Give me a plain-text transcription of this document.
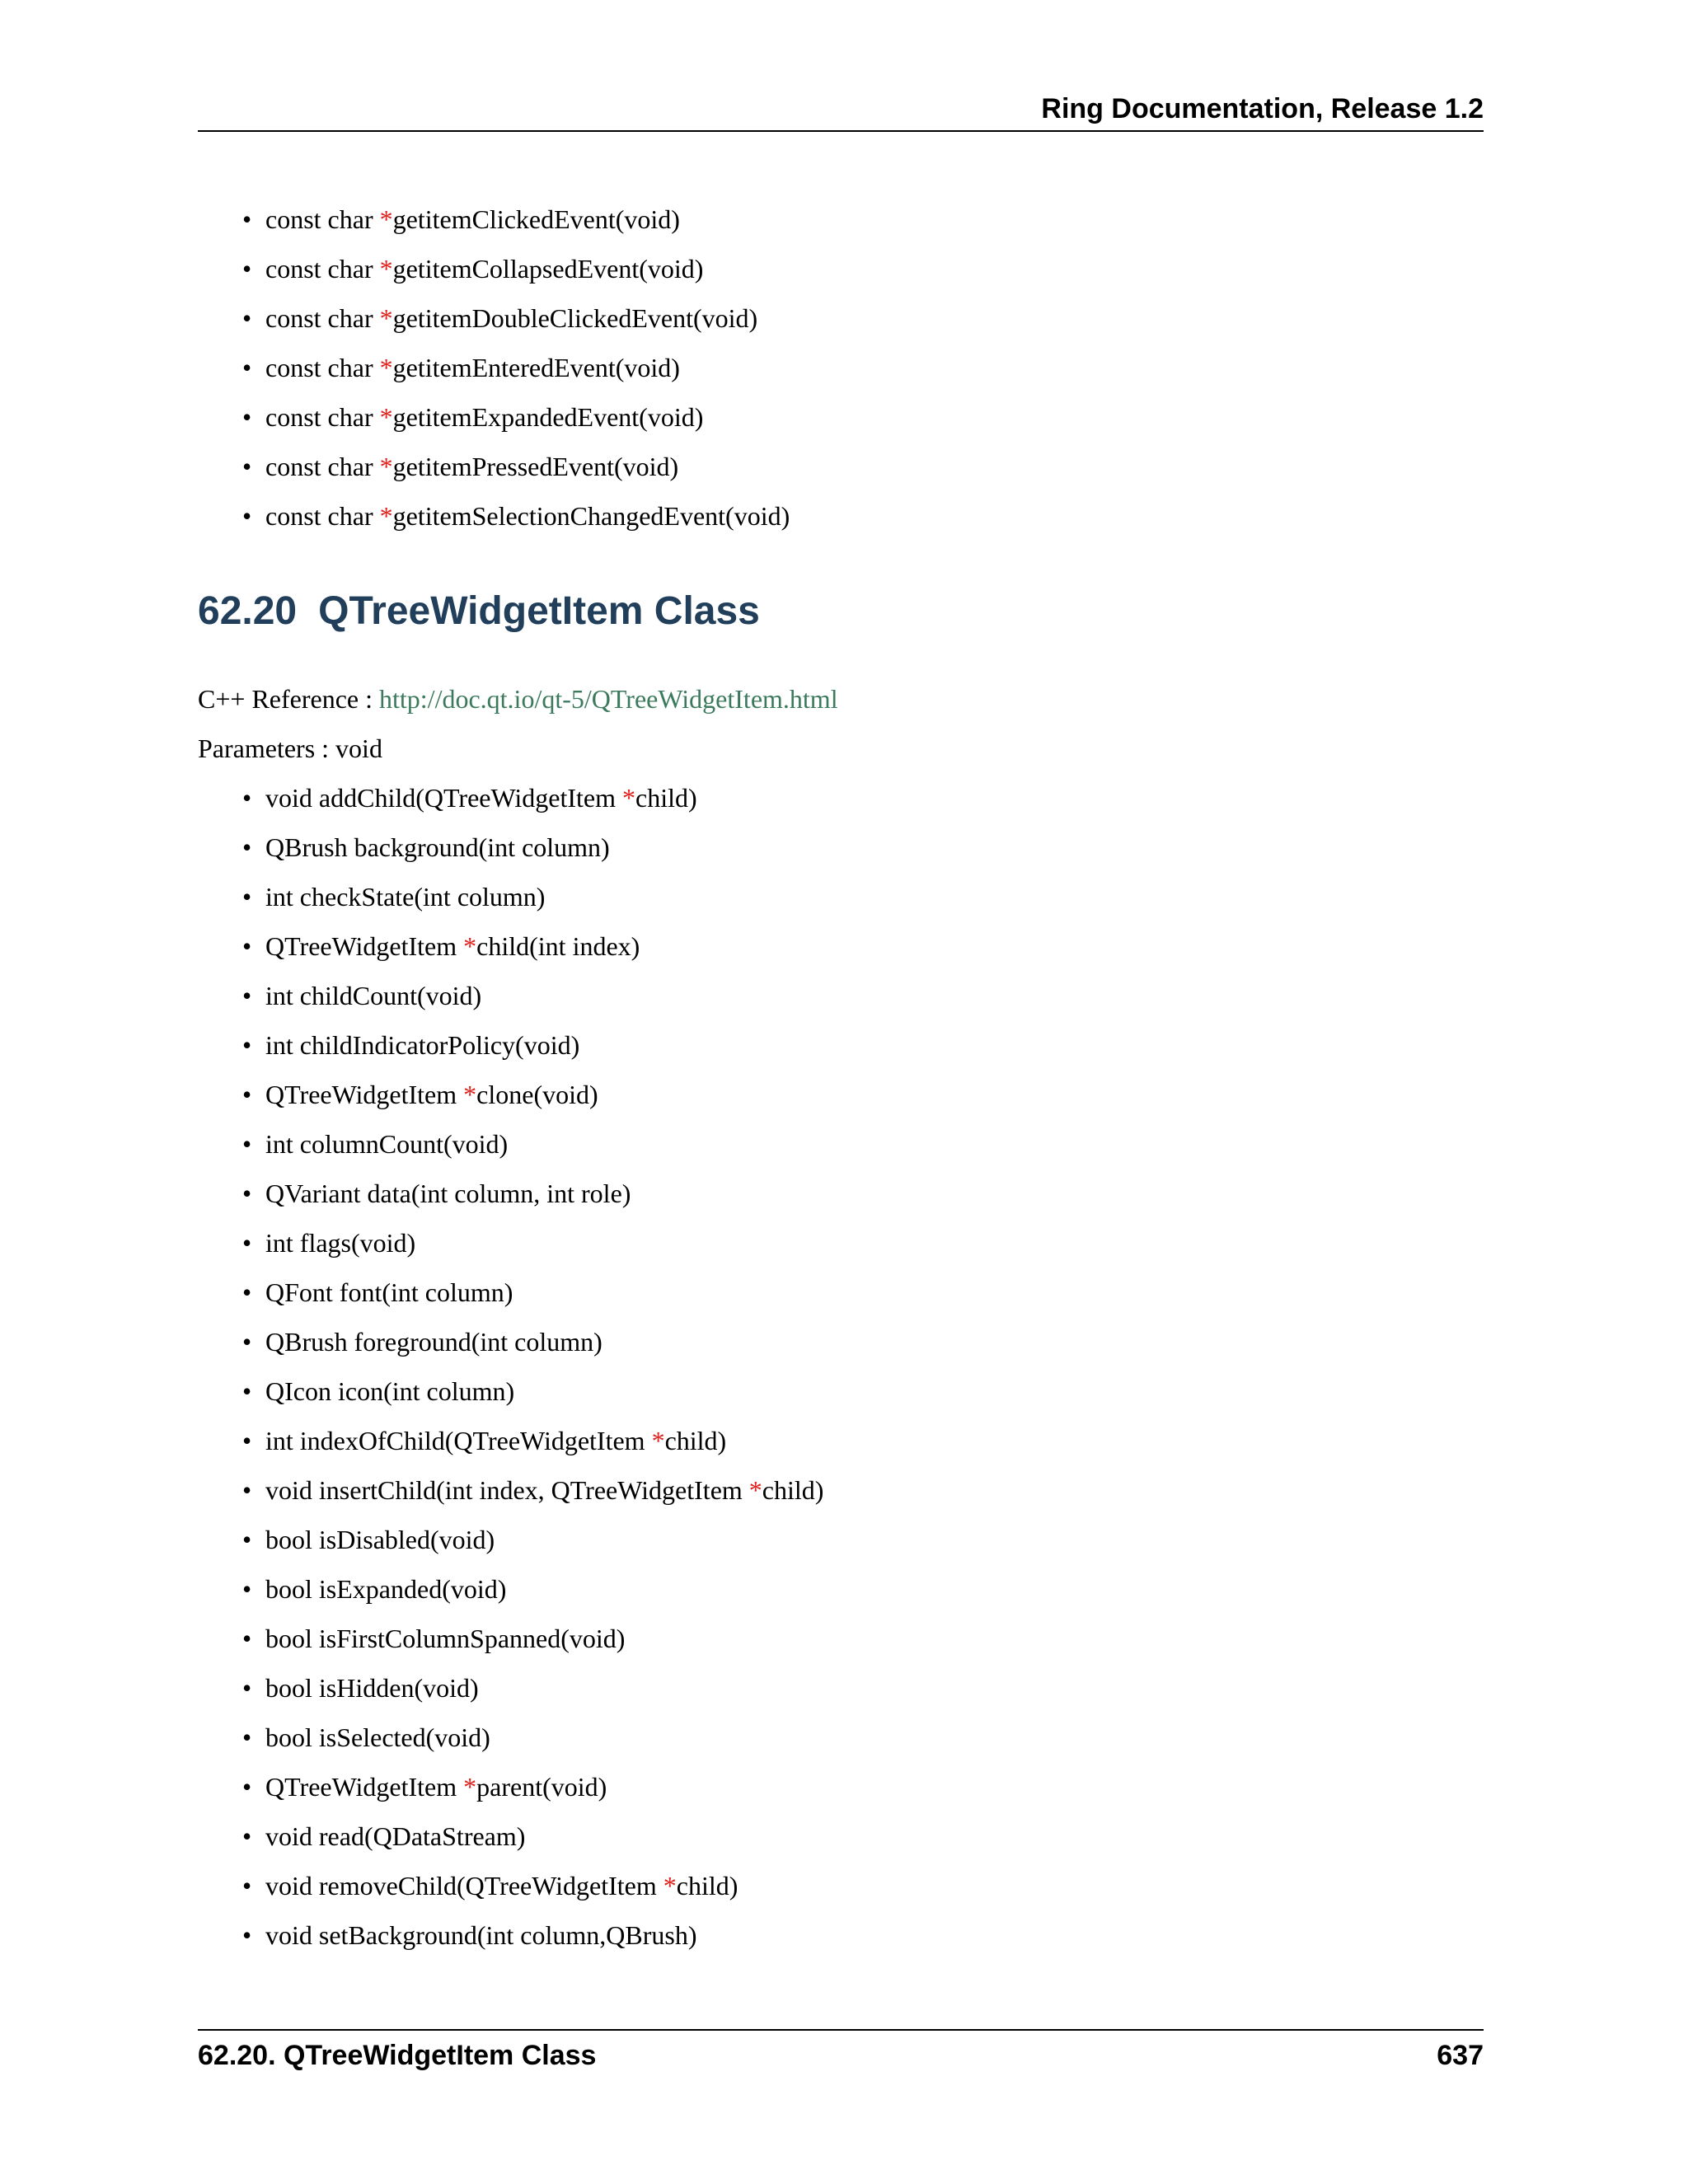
Ring Documentation, Release 1.2
• const char *getitemClickedEvent(void)
• const char *getitemCollapsedEvent(void)
• const char *getitemDoubleClickedEvent(void)
• const char *getitemEnteredEvent(void)
• const char *getitemExpandedEvent(void)
• const char *getitemPressedEvent(void)
• const char *getitemSelectionChangedEvent(void)
62.20 QTreeWidgetItem Class
C++ Reference : http://doc.qt.io/qt-5/QTreeWidgetItem.html
Parameters : void
• void addChild(QTreeWidgetItem *child)
• QBrush background(int column)
• int checkState(int column)
• QTreeWidgetItem *child(int index)
• int childCount(void)
• int childIndicatorPolicy(void)
• QTreeWidgetItem *clone(void)
• int columnCount(void)
• QVariant data(int column, int role)
• int flags(void)
• QFont font(int column)
• QBrush foreground(int column)
• QIcon icon(int column)
• int indexOfChild(QTreeWidgetItem *child)
• void insertChild(int index, QTreeWidgetItem *child)
• bool isDisabled(void)
• bool isExpanded(void)
• bool isFirstColumnSpanned(void)
• bool isHidden(void)
• bool isSelected(void)
• QTreeWidgetItem *parent(void)
• void read(QDataStream)
• void removeChild(QTreeWidgetItem *child)
• void setBackground(int column,QBrush)
62.20. QTreeWidgetItem Class	637
